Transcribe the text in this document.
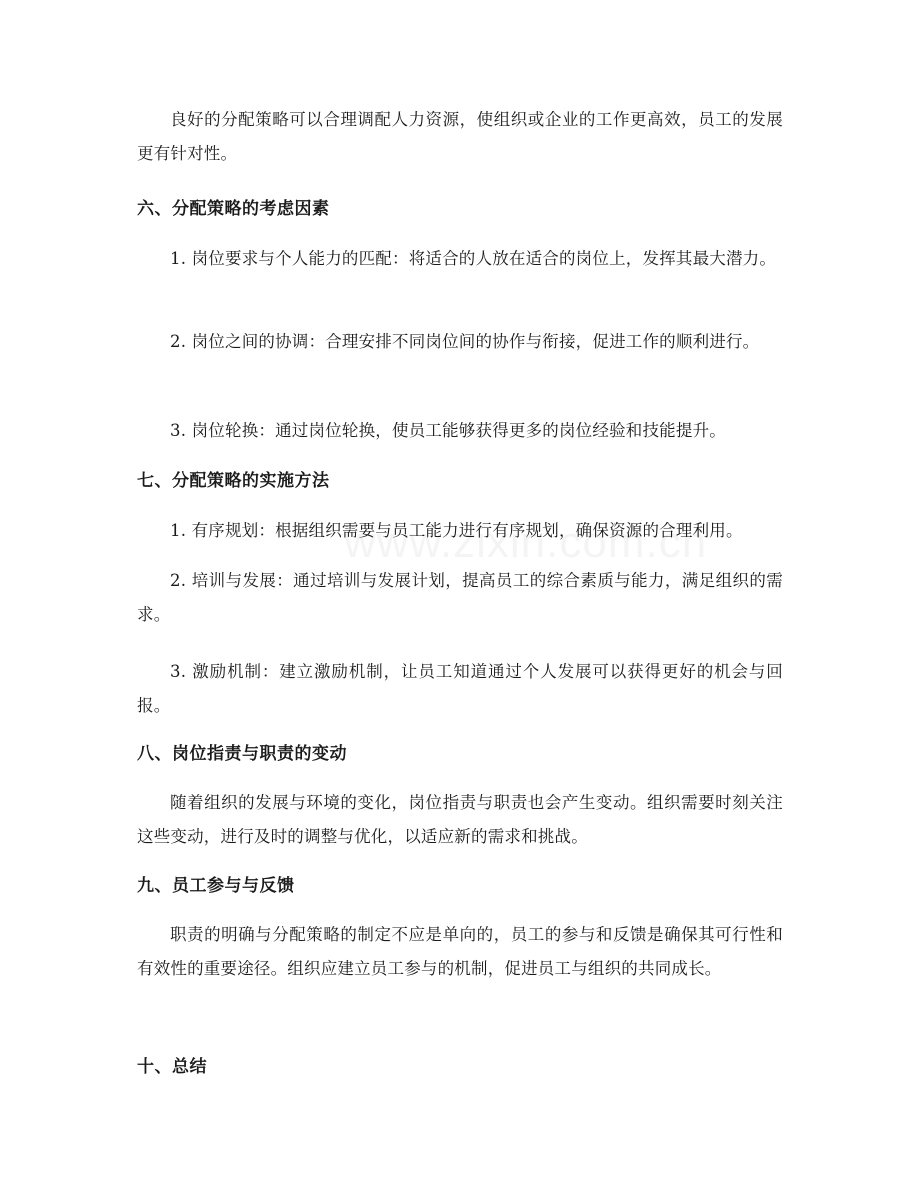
良好的分配策略可以合理调配人力资源，使组织或企业的工作更高效，员工的发展更有针对性。

六、分配策略的考虑因素

1. 岗位要求与个人能力的匹配：将适合的人放在适合的岗位上，发挥其最大潜力。

2. 岗位之间的协调：合理安排不同岗位间的协作与衔接，促进工作的顺利进行。

3. 岗位轮换：通过岗位轮换，使员工能够获得更多的岗位经验和技能提升。

七、分配策略的实施方法

1. 有序规划：根据组织需要与员工能力进行有序规划，确保资源的合理利用。

2. 培训与发展：通过培训与发展计划，提高员工的综合素质与能力，满足组织的需求。

3. 激励机制：建立激励机制，让员工知道通过个人发展可以获得更好的机会与回报。

八、岗位指责与职责的变动

随着组织的发展与环境的变化，岗位指责与职责也会产生变动。组织需要时刻关注这些变动，进行及时的调整与优化，以适应新的需求和挑战。

九、员工参与与反馈

职责的明确与分配策略的制定不应是单向的，员工的参与和反馈是确保其可行性和有效性的重要途径。组织应建立员工参与的机制，促进员工与组织的共同成长。

十、总结
